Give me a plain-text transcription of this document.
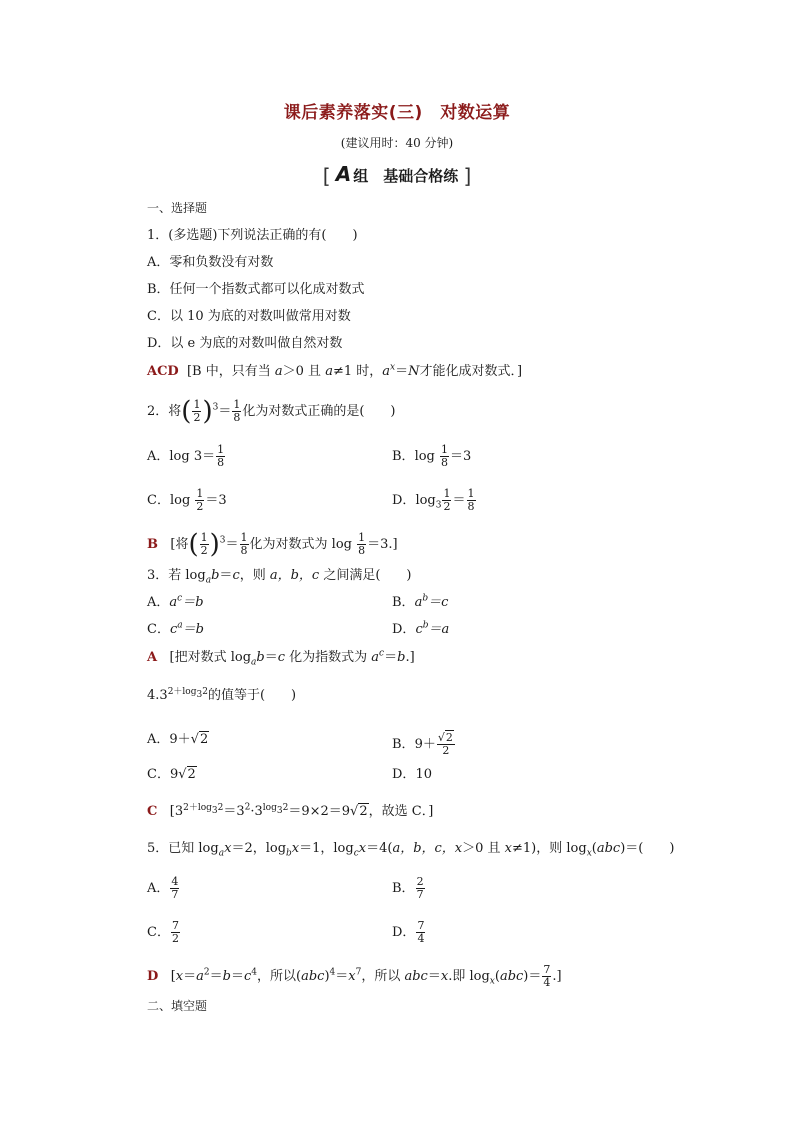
课后素养落实(三)　对数运算
(建议用时：40 分钟)
[ A 组　基础合格练 ]
一、选择题
1．(多选题)下列说法正确的有(　　)
A．零和负数没有对数
B．任何一个指数式都可以化成对数式
C．以 10 为底的对数叫做常用对数
D．以 e 为底的对数叫做自然对数
ACD [B 中，只有当 a＞0 且 a≠1 时，$a^x=N$才能化成对数式．]
2．将( $\frac{1}{2} )^3= \frac{1}{8}$ 化为对数式正确的是(　　)
A．$\log 3= \frac{1}{8}$	B．$\log \frac{1}{8} =3$
C．$\log \frac{1}{2} =3$	D．$\log_3 \frac{1}{2} = \frac{1}{8}$
B [将( $\frac{1}{2} )^3= \frac{1}{8}$ 化为对数式为 $\log \frac{1}{8} =3$.]
3．若 $\log_ab=c$，则 a，b，c 之间满足(　　)
A．$a^c=b$	B．$a^b=c$
C．$c^a=b$	D．$c^b=a$
A [把对数式 $\log_ab=c$ 化为指数式为 $a^c=b$.]
$4.3^{2+log_32}$的值等于(　　)
A．9＋√2	B．$9+ \frac{√2}{2}$
C．9√2	D．10
C [$3^{2+log_32}=3^2\cdot 3^{log_32}=9\times 2=9√2$，故选 C．]
5．已知 $\log_ax=2$，$\log_bx=1$，$\log_cx=4(a$，b，c，x＞0 且 x≠1)，则 $\log_x(abc)=$(　　)
A． $\frac{4}{7}$	B． $\frac{2}{7}$
C． $\frac{7}{2}$	D． $\frac{7}{4}$
D [$x=a^2=b=c^4$，所以$(abc)^4=x^7$，所以 abc＝x.即 $\log_x(abc)= \frac{7}{4}$ .]
二、填空题
